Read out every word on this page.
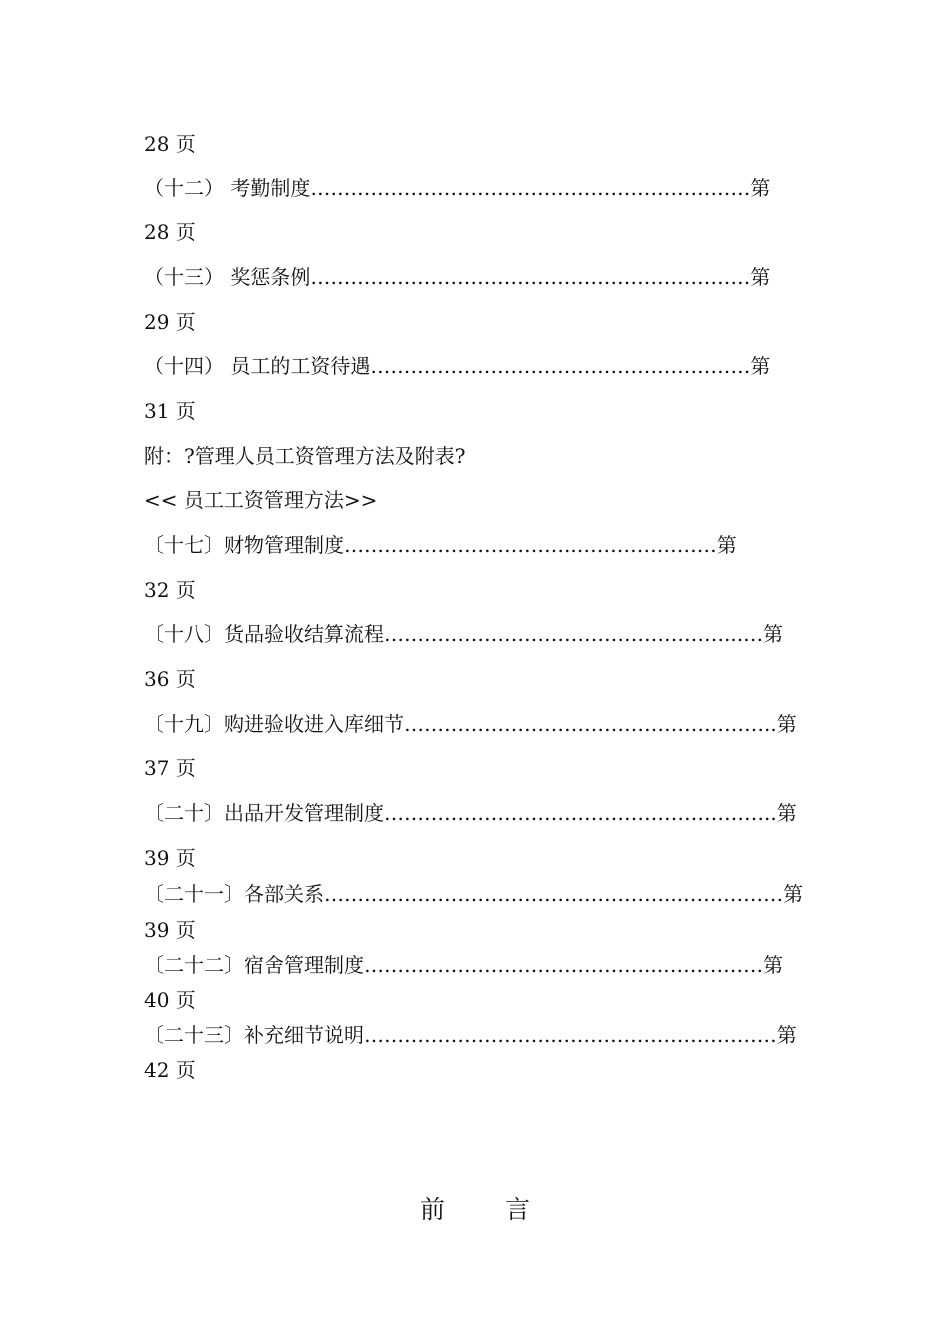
28 页
（十二） 考勤制度…………………………………………………………第
28 页
（十三） 奖惩条例…………………………………………………………第
29 页
（十四） 员工的工资待遇…………………………………………………第
31 页
附：?管理人员工资管理方法及附表?
<< 员工工资管理方法>>
〔十七〕财物管理制度……………………………..…………………第
32 页
〔十八〕货品验收结算流程……………………………………………...…第
36 页
〔十九〕购进验收进入库细节………………………………………………..第
37 页
〔二十〕出品开发管理制度…………………………………………………..第
39 页
〔二十一〕各部关系……………………………………………...……………第
39 页
〔二十二〕宿舍管理制度……………………………………...……………第
40 页
〔二十三〕补充细节说明………………………..……………………………第
42 页
前 言
